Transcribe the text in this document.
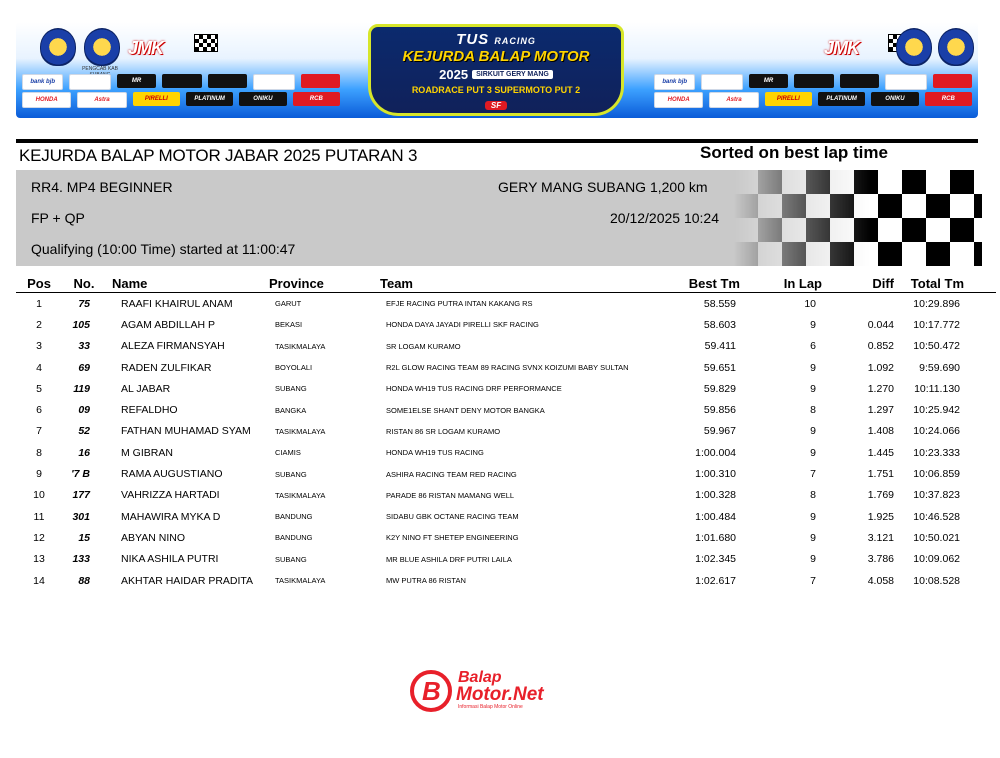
PENGCAB KAB
JMK
bank bjb	MR
HONDA	Astra	PIRELLI	PLATINUM	ONIKU	RCB
TUS RACING
KEJURDA BALAP MOTOR
2025	SIRKUIT GERY MANG
ROADRACE PUT 3 SUPERMOTO PUT 2
SF
JMK
bank bjb	MR
HONDA	Astra	PIRELLI	PLATINUM	ONIKU	RCB
KEJURDA BALAP MOTOR JABAR 2025 PUTARAN 3	Sorted on best lap time
RR4. MP4 BEGINNER	GERY MANG SUBANG 1,200 km
FP + QP	20/12/2025 10:24
Qualifying (10:00 Time) started at 11:00:47
Pos	No.	Name	Province	Team	Best Tm	In Lap	Diff	Total Tm
1	75	RAAFI KHAIRUL ANAM	GARUT	EFJE RACING PUTRA INTAN KAKANG RS	58.559	10		10:29.896
2	105	AGAM ABDILLAH P	BEKASI	HONDA DAYA JAYADI PIRELLI SKF RACING	58.603	9	0.044	10:17.772
3	33	ALEZA FIRMANSYAH	TASIKMALAYA	SR LOGAM KURAMO	59.411	6	0.852	10:50.472
4	69	RADEN ZULFIKAR	BOYOLALI	R2L GLOW RACING TEAM 89 RACING SVNX KOIZUMI BABY SULTAN	59.651	9	1.092	9:59.690
5	119	AL JABAR	SUBANG	HONDA WH19 TUS RACING DRF PERFORMANCE	59.829	9	1.270	10:11.130
6	09	REFALDHO	BANGKA	SOME1ELSE SHANT DENY MOTOR BANGKA	59.856	8	1.297	10:25.942
7	52	FATHAN MUHAMAD SYAM	TASIKMALAYA	RISTAN 86 SR LOGAM KURAMO	59.967	9	1.408	10:24.066
8	16	M GIBRAN	CIAMIS	HONDA WH19 TUS RACING	1:00.004	9	1.445	10:23.333
9	'7 B	RAMA AUGUSTIANO	SUBANG	ASHIRA RACING TEAM RED RACING	1:00.310	7	1.751	10:06.859
10	177	VAHRIZZA HARTADI	TASIKMALAYA	PARADE 86 RISTAN MAMANG WELL	1:00.328	8	1.769	10:37.823
11	301	MAHAWIRA MYKA D	BANDUNG	SIDABU GBK OCTANE RACING TEAM	1:00.484	9	1.925	10:46.528
12	15	ABYAN NINO	BANDUNG	K2Y NINO FT SHETEP ENGINEERING	1:01.680	9	3.121	10:50.021
13	133	NIKA ASHILA PUTRI	SUBANG	MR BLUE ASHILA DRF PUTRI LAILA	1:02.345	9	3.786	10:09.062
14	88	AKHTAR HAIDAR PRADITA	TASIKMALAYA	MW PUTRA 86 RISTAN	1:02.617	7	4.058	10:08.528
B Balap
Motor.Net
Informasi Balap Motor Online
